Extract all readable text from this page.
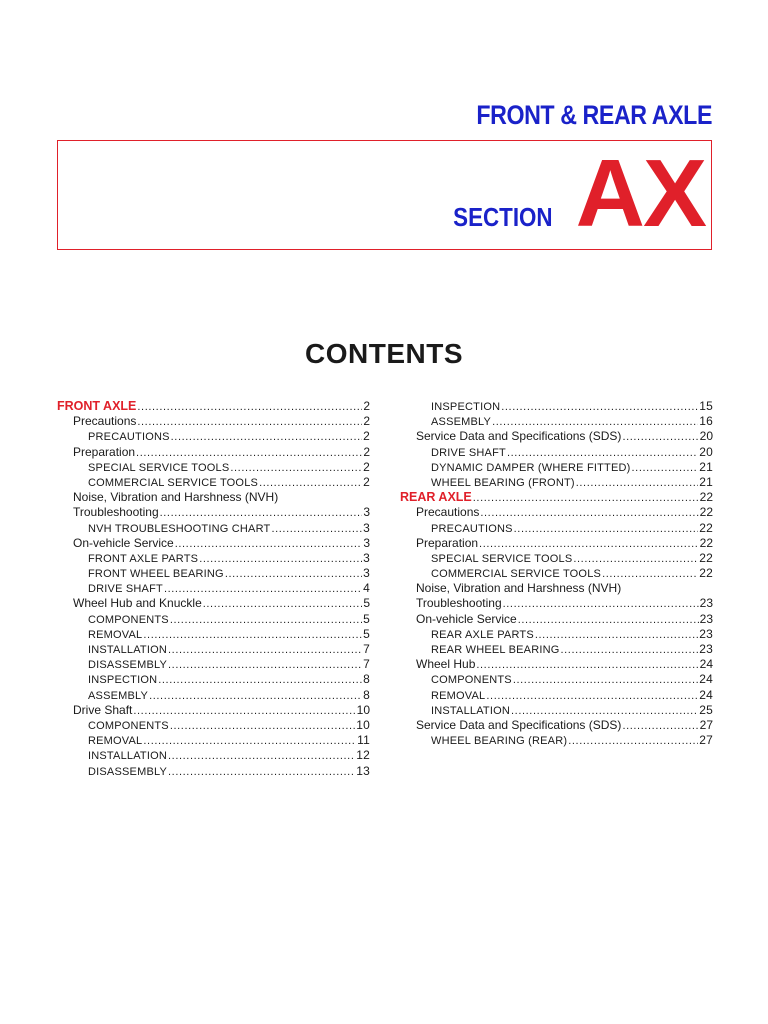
FRONT & REAR AXLE
SECTION AX
CONTENTS
FRONT AXLE .....	2
Precautions .....	2
PRECAUTIONS .....	2
Preparation .....	2
SPECIAL SERVICE TOOLS .....	2
COMMERCIAL SERVICE TOOLS .....	2
Noise, Vibration and Harshness (NVH)
Troubleshooting .....	3
NVH TROUBLESHOOTING CHART .....	3
On-vehicle Service .....	3
FRONT AXLE PARTS .....	3
FRONT WHEEL BEARING .....	3
DRIVE SHAFT .....	4
Wheel Hub and Knuckle .....	5
COMPONENTS .....	5
REMOVAL .....	5
INSTALLATION .....	7
DISASSEMBLY .....	7
INSPECTION .....	8
ASSEMBLY .....	8
Drive Shaft .....	10
COMPONENTS .....	10
REMOVAL .....	11
INSTALLATION .....	12
DISASSEMBLY .....	13
INSPECTION .....	15
ASSEMBLY .....	16
Service Data and Specifications (SDS) .....	20
DRIVE SHAFT .....	20
DYNAMIC DAMPER (WHERE FITTED) .....	21
WHEEL BEARING (FRONT) .....	21
REAR AXLE .....	22
Precautions .....	22
PRECAUTIONS .....	22
Preparation .....	22
SPECIAL SERVICE TOOLS .....	22
COMMERCIAL SERVICE TOOLS .....	22
Noise, Vibration and Harshness (NVH)
Troubleshooting .....	23
On-vehicle Service .....	23
REAR AXLE PARTS .....	23
REAR WHEEL BEARING .....	23
Wheel Hub .....	24
COMPONENTS .....	24
REMOVAL .....	24
INSTALLATION .....	25
Service Data and Specifications (SDS) .....	27
WHEEL BEARING (REAR) .....	27
